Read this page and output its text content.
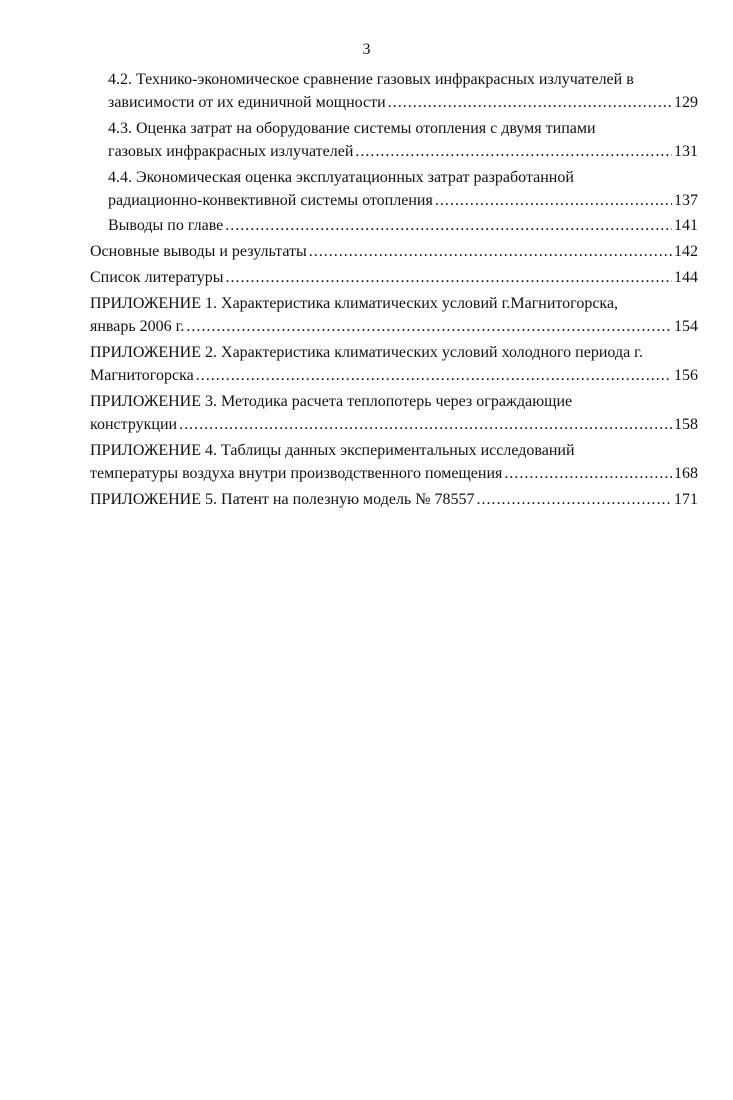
3
4.2. Технико-экономическое сравнение газовых инфракрасных излучателей в
зависимости от их единичной мощности .....	129
4.3. Оценка затрат на оборудование системы отопления с двумя типами
газовых инфракрасных излучателей .....	131
4.4. Экономическая оценка эксплуатационных затрат разработанной
радиационно-конвективной системы отопления .....	137
Выводы по главе .....	141
Основные выводы и результаты .....	142
Список литературы .....	144
ПРИЛОЖЕНИЕ 1. Характеристика климатических условий г.Магнитогорска,
январь 2006 г. .....	154
ПРИЛОЖЕНИЕ 2. Характеристика климатических условий холодного периода г.
Магнитогорска .....	156
ПРИЛОЖЕНИЕ 3. Методика расчета теплопотерь через ограждающие
конструкции .....	158
ПРИЛОЖЕНИЕ 4. Таблицы данных экспериментальных исследований
температуры воздуха внутри производственного помещения .....	168
ПРИЛОЖЕНИЕ 5. Патент на полезную модель № 78557 .....	171
